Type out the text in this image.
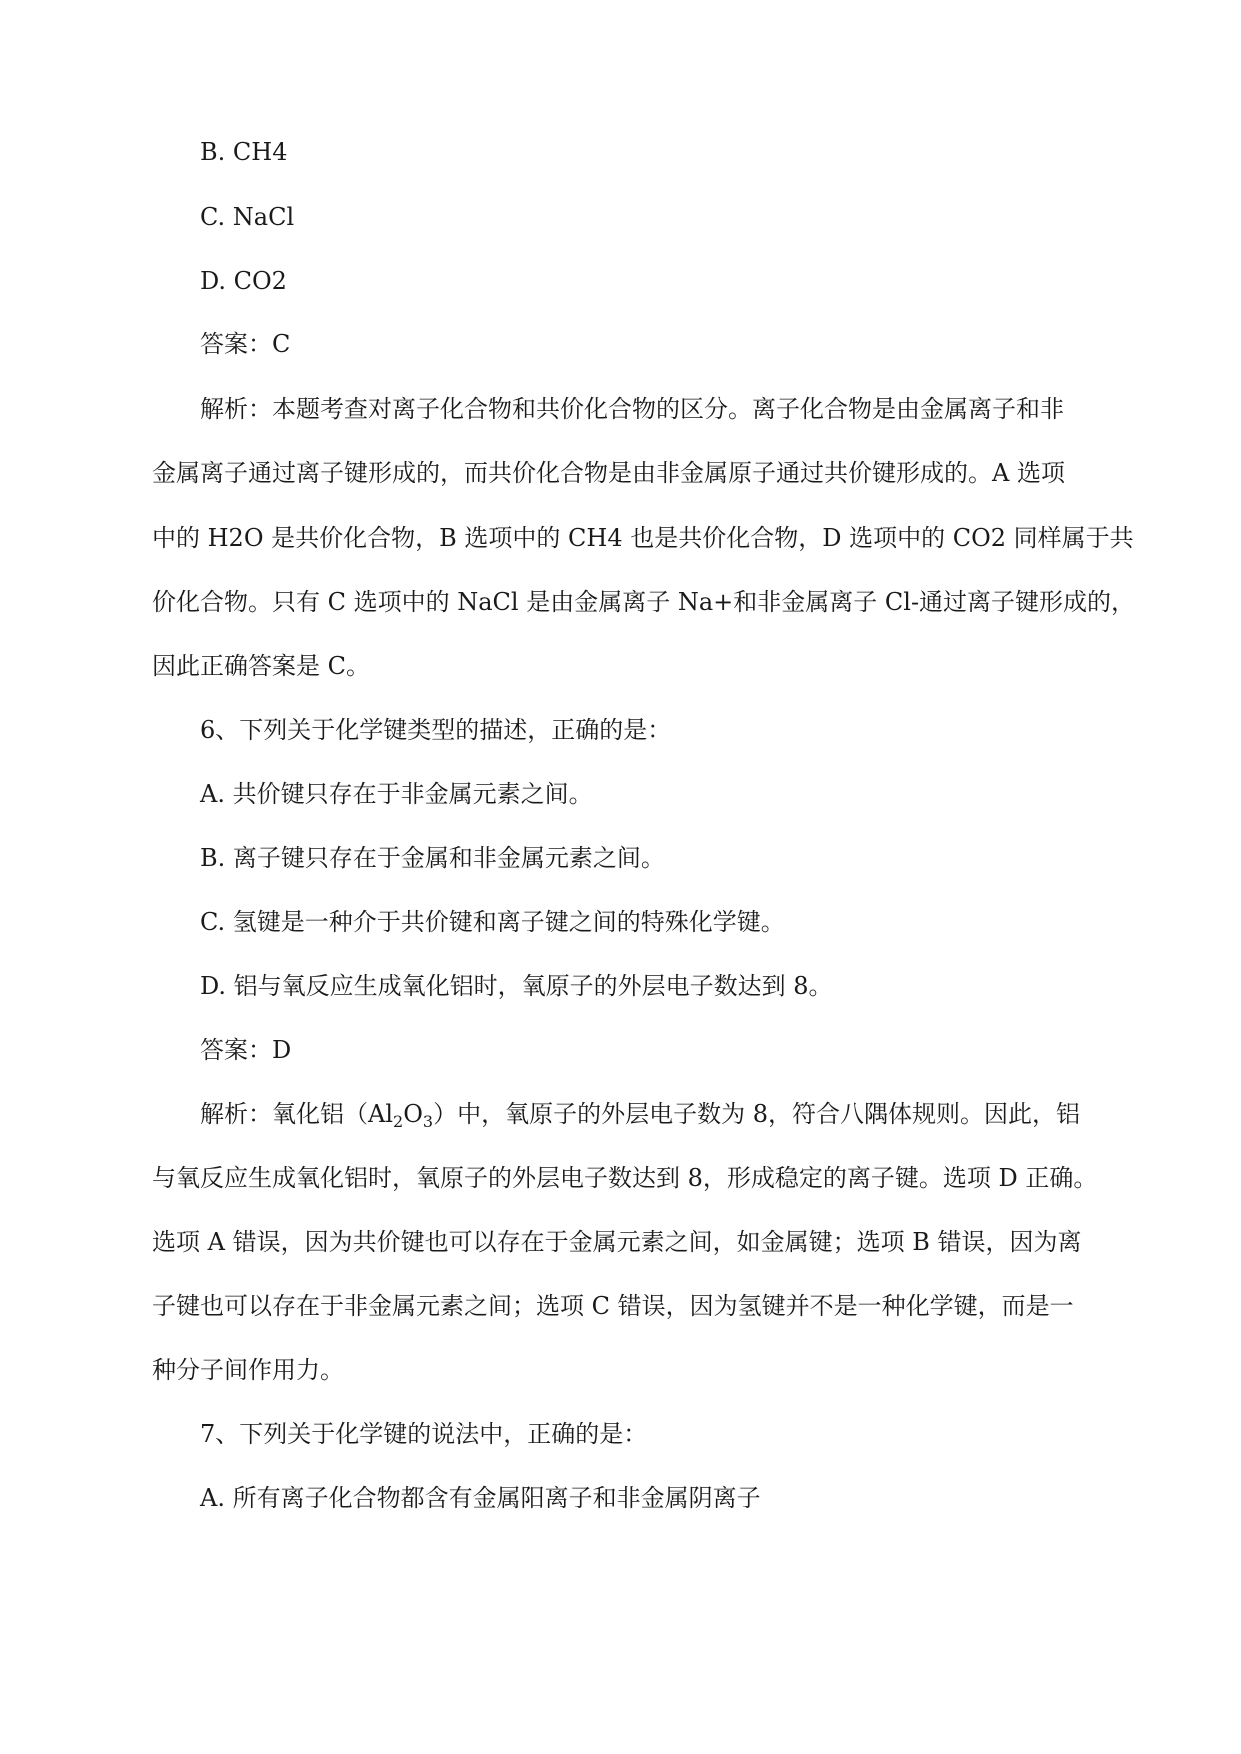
B. CH4
C. NaCl
D. CO2
答案：C
解析：本题考查对离子化合物和共价化合物的区分。离子化合物是由金属离子和非
金属离子通过离子键形成的，而共价化合物是由非金属原子通过共价键形成的。A 选项
中的 H2O 是共价化合物，B 选项中的 CH4 也是共价化合物，D 选项中的 CO2 同样属于共
价化合物。只有 C 选项中的 NaCl 是由金属离子 Na+和非金属离子 Cl-通过离子键形成的，
因此正确答案是 C。
6、下列关于化学键类型的描述，正确的是：
A. 共价键只存在于非金属元素之间。
B. 离子键只存在于金属和非金属元素之间。
C. 氢键是一种介于共价键和离子键之间的特殊化学键。
D. 铝与氧反应生成氧化铝时，氧原子的外层电子数达到 8。
答案：D
解析：氧化铝$(Al_2O_3)$中，氧原子的外层电子数为 8，符合八隅体规则。因此，铝
与氧反应生成氧化铝时，氧原子的外层电子数达到 8，形成稳定的离子键。选项 D 正确。
选项 A 错误，因为共价键也可以存在于金属元素之间，如金属键；选项 B 错误，因为离
子键也可以存在于非金属元素之间；选项 C 错误，因为氢键并不是一种化学键，而是一
种分子间作用力。
7、下列关于化学键的说法中，正确的是：
A. 所有离子化合物都含有金属阳离子和非金属阴离子
